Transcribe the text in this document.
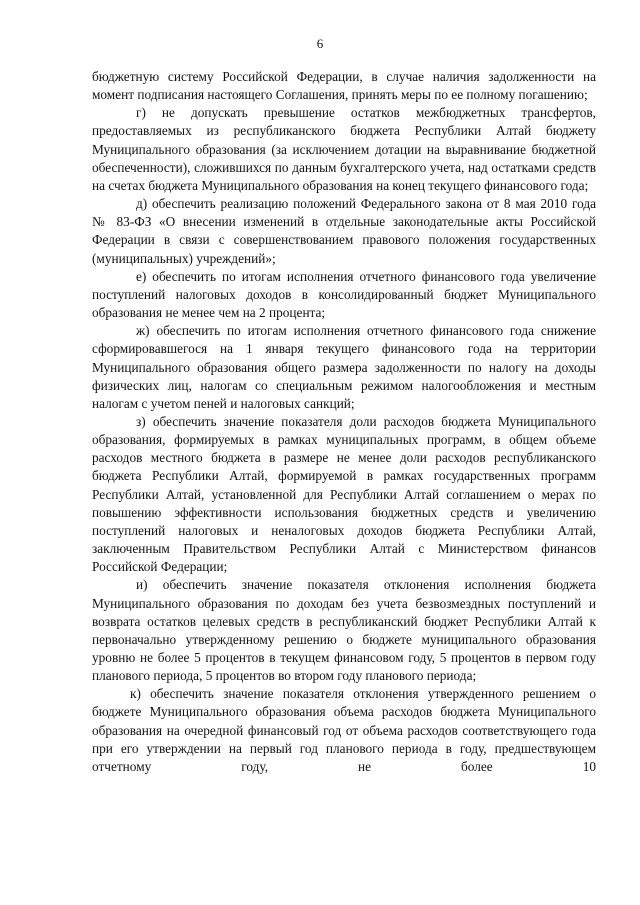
6

бюджетную систему Российской Федерации, в случае наличия задолженности на момент подписания настоящего Соглашения, принять меры по ее полному погашению;

г) не допускать превышение остатков межбюджетных трансфертов, предоставляемых из республиканского бюджета Республики Алтай бюджету Муниципального образования (за исключением дотации на выравнивание бюджетной обеспеченности), сложившихся по данным бухгалтерского учета, над остатками средств на счетах бюджета Муниципального образования на конец текущего финансового года;

д) обеспечить реализацию положений Федерального закона от 8 мая 2010 года № 83-ФЗ «О внесении изменений в отдельные законодательные акты Российской Федерации в связи с совершенствованием правового положения государственных (муниципальных) учреждений»;

е) обеспечить по итогам исполнения отчетного финансового года увеличение поступлений налоговых доходов в консолидированный бюджет Муниципального образования не менее чем на 2 процента;

ж) обеспечить по итогам исполнения отчетного финансового года снижение сформировавшегося на 1 января текущего финансового года на территории Муниципального образования общего размера задолженности по налогу на доходы физических лиц, налогам со специальным режимом налогообложения и местным налогам с учетом пеней и налоговых санкций;

з) обеспечить значение показателя доли расходов бюджета Муниципального образования, формируемых в рамках муниципальных программ, в общем объеме расходов местного бюджета в размере не менее доли расходов республиканского бюджета Республики Алтай, формируемой в рамках государственных программ Республики Алтай, установленной для Республики Алтай соглашением о мерах по повышению эффективности использования бюджетных средств и увеличению поступлений налоговых и неналоговых доходов бюджета Республики Алтай, заключенным Правительством Республики Алтай с Министерством финансов Российской Федерации;

и) обеспечить значение показателя отклонения исполнения бюджета Муниципального образования по доходам без учета безвозмездных поступлений и возврата остатков целевых средств в республиканский бюджет Республики Алтай к первоначально утвержденному решению о бюджете муниципального образования уровню не более 5 процентов в текущем финансовом году, 5 процентов в первом году планового периода, 5 процентов во втором году планового периода;

к) обеспечить значение показателя отклонения утвержденного решением о бюджете Муниципального образования объема расходов бюджета Муниципального образования на очередной финансовый год от объема расходов соответствующего года при его утверждении на первый год планового периода в году, предшествующем отчетному году, не более 10
